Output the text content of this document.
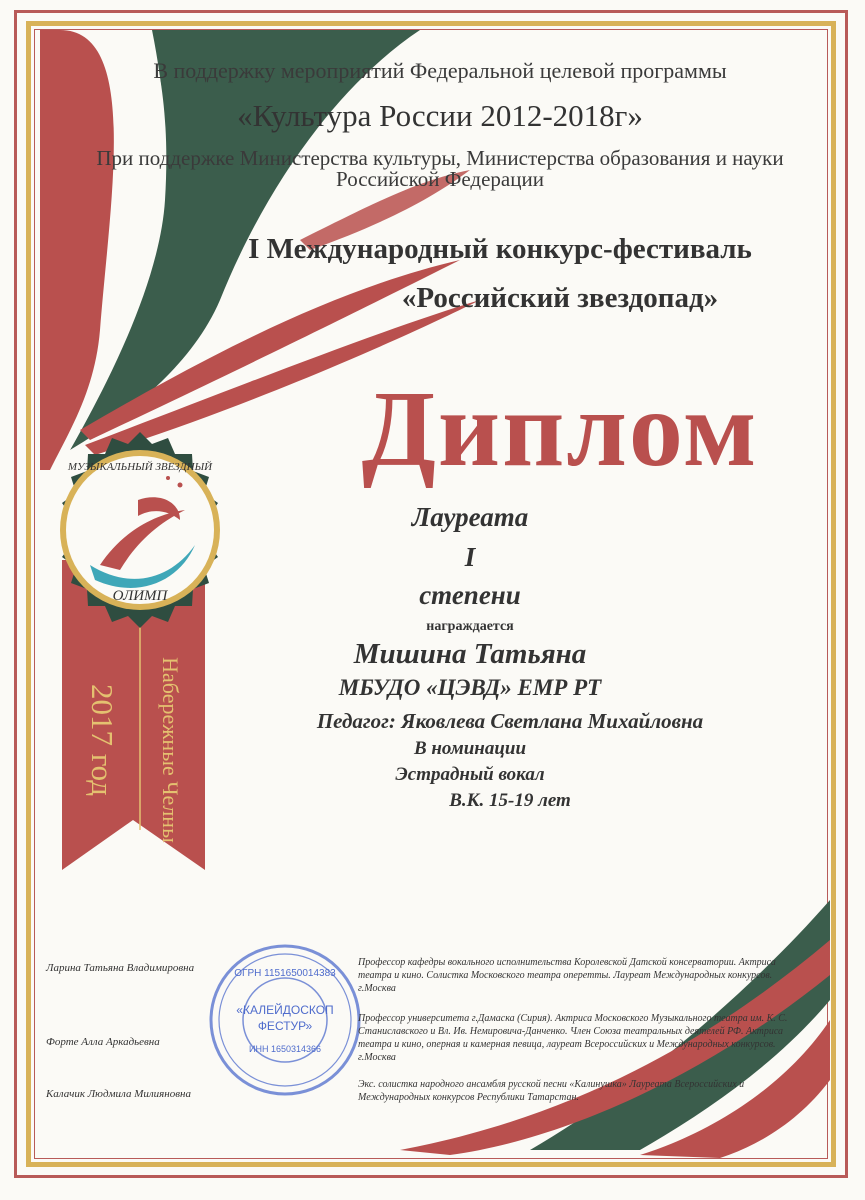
МУЗЫКАЛЬНЫЙ ЗВЕЗДНЫЙ
ОЛИМП
2017 год Набережные Челны
В поддержку мероприятий Федеральной целевой программы
«Культура России 2012-2018г»
При поддержке Министерства культуры, Министерства образования и науки Российской Федерации
I Международный конкурс-фестиваль
«Российский звездопад»
Диплом
Лауреата
I
степени
награждается
Мишина Татьяна
МБУДО «ЦЭВД» ЕМР РТ
Педагог: Яковлева Светлана Михайловна
В номинации
Эстрадный вокал
В.К. 15-19 лет
ОГРН 1151650014383
«КАЛЕЙДОСКОП
ФЕСТУР»
ИНН 1650314366
Ларина Татьяна Владимировна	Профессор кафедры вокального исполнительства Королевской Датской консерватории. Актриса театра и кино. Солистка Московского театра оперетты. Лауреат Международных конкурсов. г.Москва
Форте Алла Аркадьевна
Профессор университета г.Дамаска (Сирия). Актриса Московского Музыкального театра им. К. С. Станиславского и Вл. Ив. Немировича-Данченко. Член Союза театральных деятелей РФ. Актриса театра и кино, оперная и камерная певица, лауреат Всероссийских и Международных конкурсов. г.Москва
Калачик Людмила Милияновна
Экс. солистка народного ансамбля русской песни «Калинушка» Лауреата Всероссийских и Международных конкурсов Республики Татарстан.
